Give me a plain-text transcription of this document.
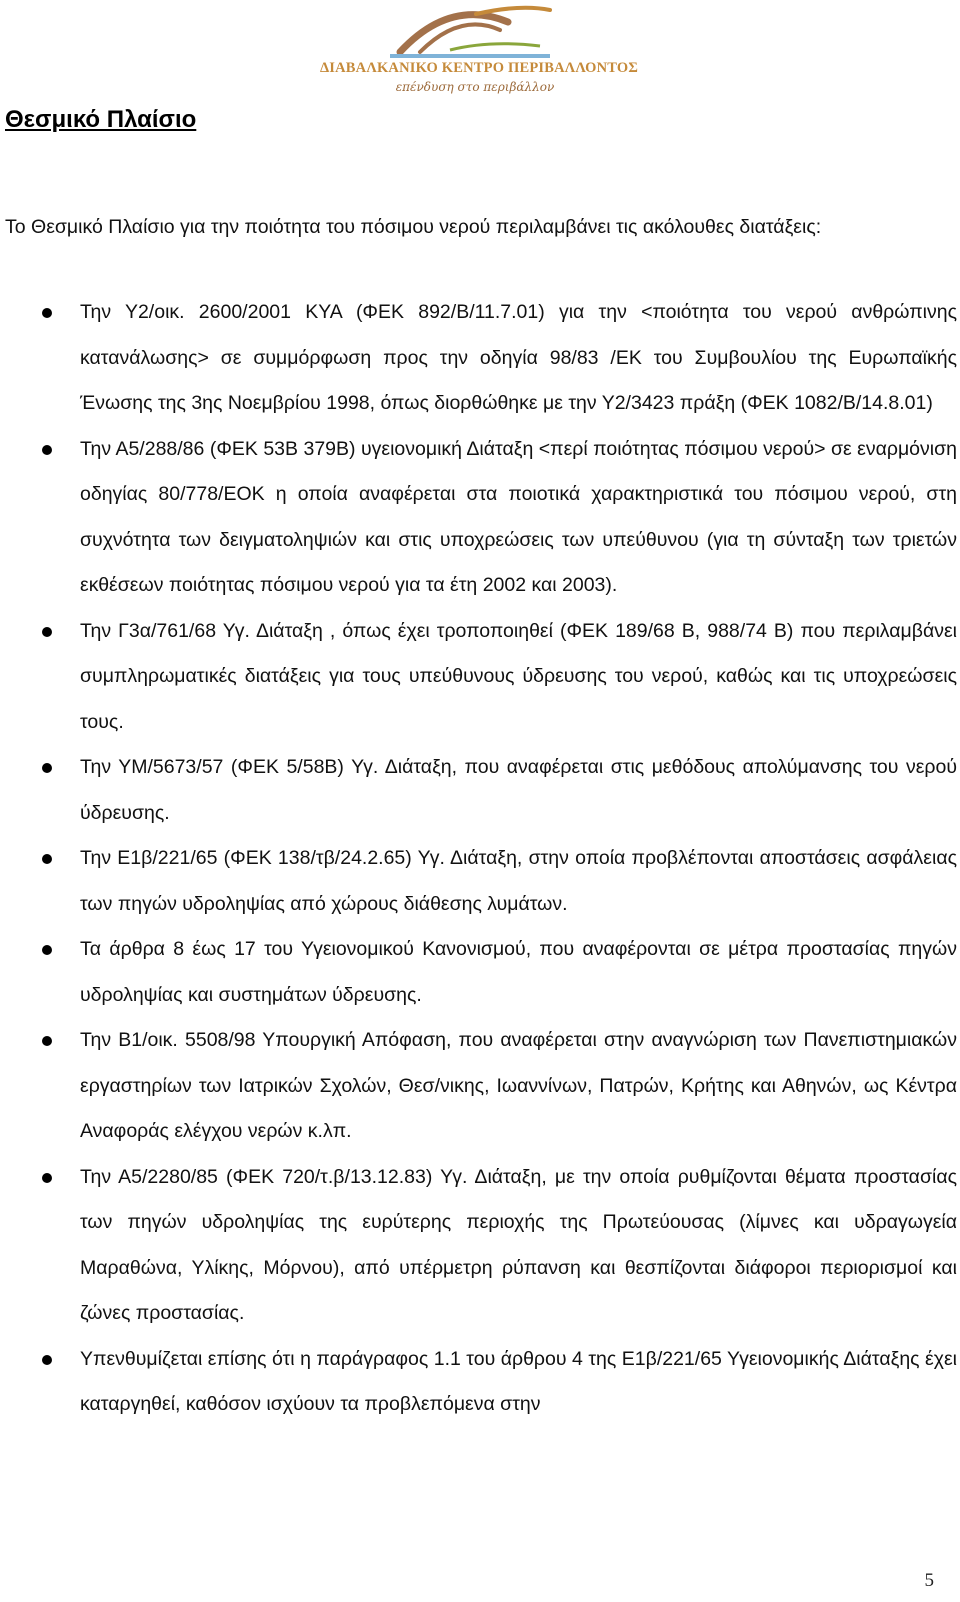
ΔΙΑΒΑΛΚΑΝΙΚΟ ΚΕΝΤΡΟ ΠΕΡΙΒΑΛΛΟΝΤΟΣ
επένδυση στο περιβάλλον
Θεσμικό Πλαίσιο

Το Θεσμικό Πλαίσιο για την ποιότητα του πόσιμου νερού περιλαμβάνει τις ακόλουθες διατάξεις:

Την Υ2/οικ. 2600/2001 ΚΥΑ (ΦΕΚ 892/Β/11.7.01) για την <ποιότητα του νερού ανθρώπινης κατανάλωσης> σε συμμόρφωση προς την οδηγία 98/83 /ΕΚ του Συμβουλίου της Ευρωπαϊκής Ένωσης της 3ης Νοεμβρίου 1998, όπως διορθώθηκε με την Υ2/3423 πράξη (ΦΕΚ 1082/Β/14.8.01)
Την Α5/288/86 (ΦΕΚ 53Β 379Β) υγειονομική Διάταξη <περί ποιότητας πόσιμου νερού> σε εναρμόνιση οδηγίας 80/778/ΕΟΚ η οποία αναφέρεται στα ποιοτικά χαρακτηριστικά του πόσιμου νερού, στη συχνότητα των δειγματοληψιών και στις υποχρεώσεις των υπεύθυνου (για τη σύνταξη των τριετών εκθέσεων ποιότητας πόσιμου νερού για τα έτη 2002 και 2003).
Την Γ3α/761/68 Υγ. Διάταξη , όπως έχει τροποποιηθεί (ΦΕΚ 189/68 Β, 988/74 Β) που περιλαμβάνει συμπληρωματικές διατάξεις για τους υπεύθυνους ύδρευσης του νερού, καθώς και τις υποχρεώσεις τους.
Την ΥΜ/5673/57 (ΦΕΚ 5/58Β) Υγ. Διάταξη, που αναφέρεται στις μεθόδους απολύμανσης του νερού ύδρευσης.
Την Ε1β/221/65 (ΦΕΚ 138/τβ/24.2.65) Υγ. Διάταξη, στην οποία προβλέπονται αποστάσεις ασφάλειας των πηγών υδροληψίας από χώρους διάθεσης λυμάτων.
Τα άρθρα 8 έως 17 του Υγειονομικού Κανονισμού, που αναφέρονται σε μέτρα προστασίας πηγών υδροληψίας και συστημάτων ύδρευσης.
Την Β1/οικ. 5508/98 Υπουργική Απόφαση, που αναφέρεται στην αναγνώριση των Πανεπιστημιακών εργαστηρίων των Ιατρικών Σχολών, Θεσ/νικης, Ιωαννίνων, Πατρών, Κρήτης και Αθηνών, ως Κέντρα Αναφοράς ελέγχου νερών κ.λπ.
Την Α5/2280/85 (ΦΕΚ 720/τ.β/13.12.83) Υγ. Διάταξη, με την οποία ρυθμίζονται θέματα προστασίας των πηγών υδροληψίας της ευρύτερης περιοχής της Πρωτεύουσας (λίμνες και υδραγωγεία Μαραθώνα, Υλίκης, Μόρνου), από υπέρμετρη ρύπανση και θεσπίζονται διάφοροι περιορισμοί και ζώνες προστασίας.
Υπενθυμίζεται επίσης ότι η παράγραφος 1.1 του άρθρου 4 της Ε1β/221/65 Υγειονομικής Διάταξης έχει καταργηθεί, καθόσον ισχύουν τα προβλεπόμενα στην
5
